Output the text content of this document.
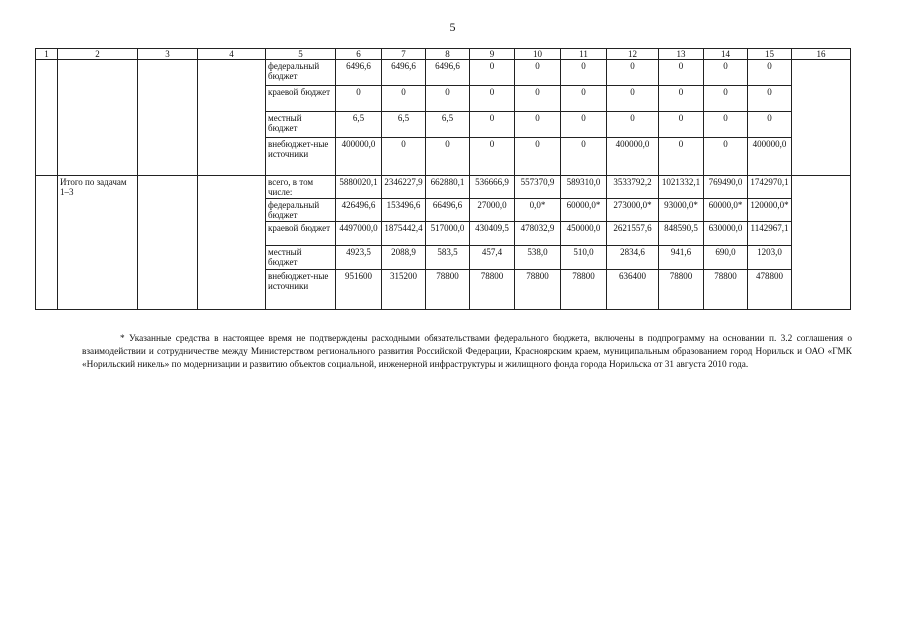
5
1	2	3	4	5	6	7	8	9	10	11	12	13	14	15	16
				федеральный бюджет	6496,6	6496,6	6496,6	0	0	0	0	0	0	0	
				краевой бюджет	0	0	0	0	0	0	0	0	0	0	
				местный бюджет	6,5	6,5	6,5	0	0	0	0	0	0	0	
				внебюджет-ные источники	400000,0	0	0	0	0	0	400000,0	0	0	400000,0	
	Итого по задачам 1–3			всего, в том числе:	5880020,1	2346227,9	662880,1	536666,9	557370,9	589310,0	3533792,2	1021332,1	769490,0	1742970,1	
				федеральный бюджет	426496,6	153496,6	66496,6	27000,0	0,0*	60000,0*	273000,0*	93000,0*	60000,0*	120000,0*	
				краевой бюджет	4497000,0	1875442,4	517000,0	430409,5	478032,9	450000,0	2621557,6	848590,5	630000,0	1142967,1	
				местный бюджет	4923,5	2088,9	583,5	457,4	538,0	510,0	2834,6	941,6	690,0	1203,0	
				внебюджет-ные источники	951600	315200	78800	78800	78800	78800	636400	78800	78800	478800	

* Указанные средства в настоящее время не подтверждены расходными обязательствами федерального бюджета, включены в подпрограмму на основании п. 3.2 соглашения о взаимодействии и сотрудничестве между Министерством регионального развития Российской Федерации, Красноярским краем, муниципальным образованием город Норильск и ОАО «ГМК «Норильский никель» по модернизации и развитию объектов социальной, инженерной инфраструктуры и жилищного фонда города Норильска от 31 августа 2010 года.
